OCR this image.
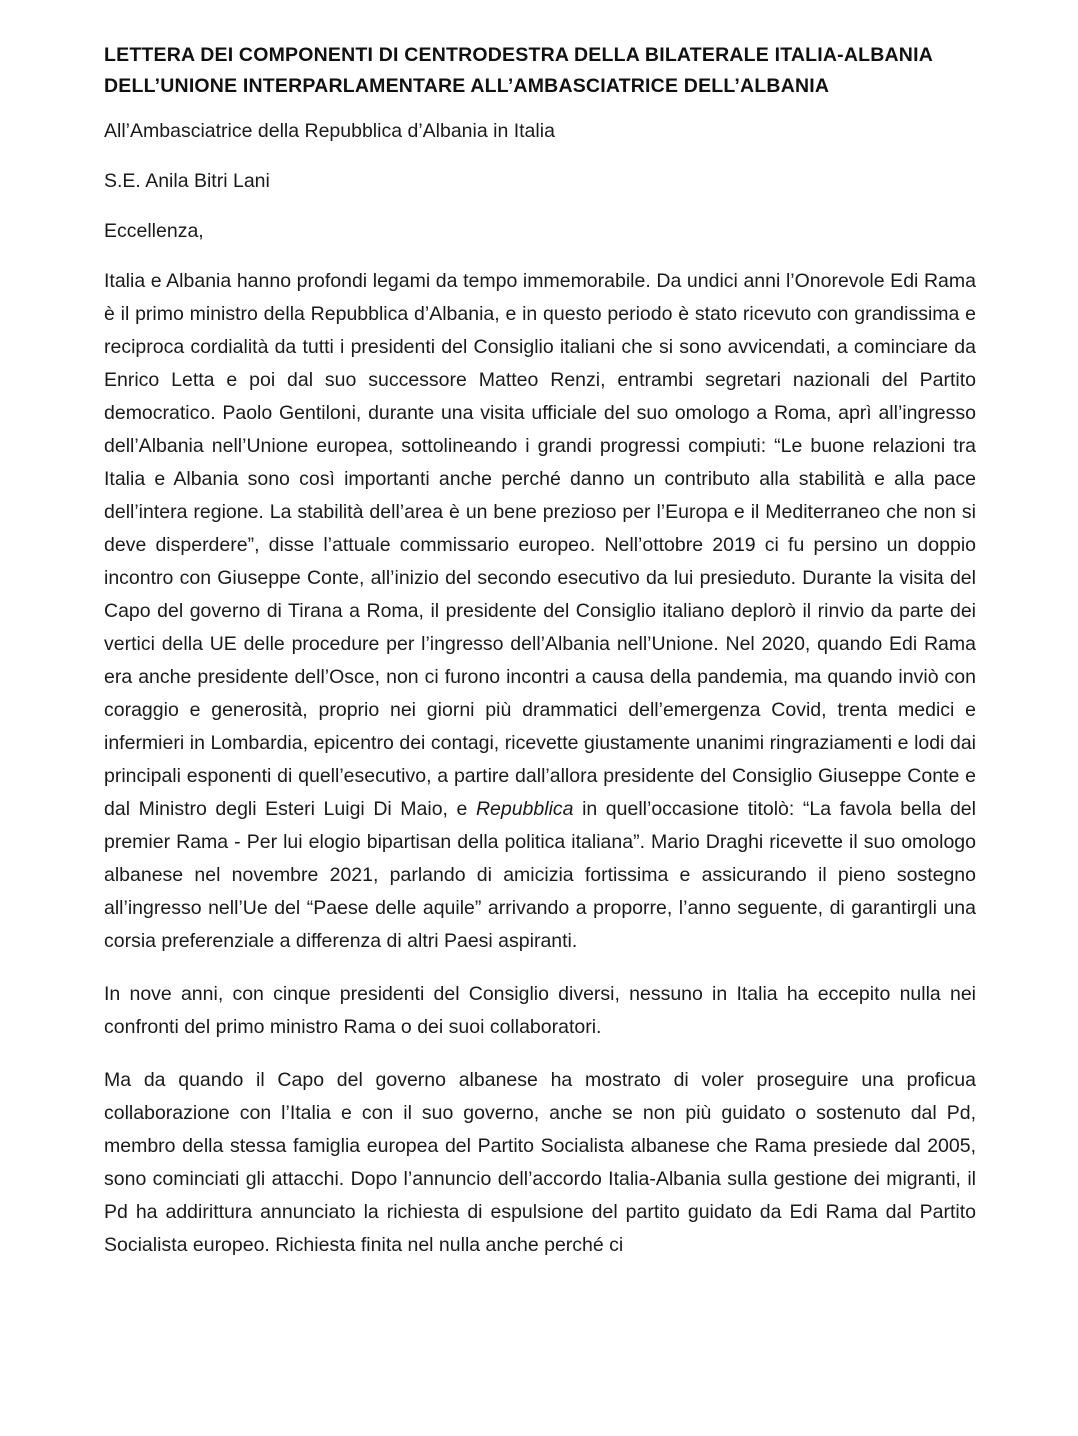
LETTERA DEI COMPONENTI DI CENTRODESTRA DELLA BILATERALE ITALIA-ALBANIA
DELL’UNIONE INTERPARLAMENTARE ALL’AMBASCIATRICE DELL’ALBANIA
All’Ambasciatrice della Repubblica d’Albania in Italia
S.E. Anila Bitri Lani
Eccellenza,
Italia e Albania hanno profondi legami da tempo immemorabile. Da undici anni l’Onorevole Edi Rama è il primo ministro della Repubblica d’Albania, e in questo periodo è stato ricevuto con grandissima e reciproca cordialità da tutti i presidenti del Consiglio italiani che si sono avvicendati, a cominciare da Enrico Letta e poi dal suo successore Matteo Renzi, entrambi segretari nazionali del Partito democratico. Paolo Gentiloni, durante una visita ufficiale del suo omologo a Roma, aprì all’ingresso dell’Albania nell’Unione europea, sottolineando i grandi progressi compiuti: “Le buone relazioni tra Italia e Albania sono così importanti anche perché danno un contributo alla stabilità e alla pace dell’intera regione. La stabilità dell’area è un bene prezioso per l’Europa e il Mediterraneo che non si deve disperdere”, disse l’attuale commissario europeo. Nell’ottobre 2019 ci fu persino un doppio incontro con Giuseppe Conte, all’inizio del secondo esecutivo da lui presieduto. Durante la visita del Capo del governo di Tirana a Roma, il presidente del Consiglio italiano deplorò il rinvio da parte dei vertici della UE delle procedure per l’ingresso dell’Albania nell’Unione. Nel 2020, quando Edi Rama era anche presidente dell’Osce, non ci furono incontri a causa della pandemia, ma quando inviò con coraggio e generosità, proprio nei giorni più drammatici dell’emergenza Covid, trenta medici e infermieri in Lombardia, epicentro dei contagi, ricevette giustamente unanimi ringraziamenti e lodi dai principali esponenti di quell’esecutivo, a partire dall’allora presidente del Consiglio Giuseppe Conte e dal Ministro degli Esteri Luigi Di Maio, e Repubblica in quell’occasione titolò: “La favola bella del premier Rama - Per lui elogio bipartisan della politica italiana”. Mario Draghi ricevette il suo omologo albanese nel novembre 2021, parlando di amicizia fortissima e assicurando il pieno sostegno all’ingresso nell’Ue del “Paese delle aquile” arrivando a proporre, l’anno seguente, di garantirgli una corsia preferenziale a differenza di altri Paesi aspiranti.
In nove anni, con cinque presidenti del Consiglio diversi, nessuno in Italia ha eccepito nulla nei confronti del primo ministro Rama o dei suoi collaboratori.
Ma da quando il Capo del governo albanese ha mostrato di voler proseguire una proficua collaborazione con l’Italia e con il suo governo, anche se non più guidato o sostenuto dal Pd, membro della stessa famiglia europea del Partito Socialista albanese che Rama presiede dal 2005, sono cominciati gli attacchi. Dopo l’annuncio dell’accordo Italia-Albania sulla gestione dei migranti, il Pd ha addirittura annunciato la richiesta di espulsione del partito guidato da Edi Rama dal Partito Socialista europeo. Richiesta finita nel nulla anche perché ci
